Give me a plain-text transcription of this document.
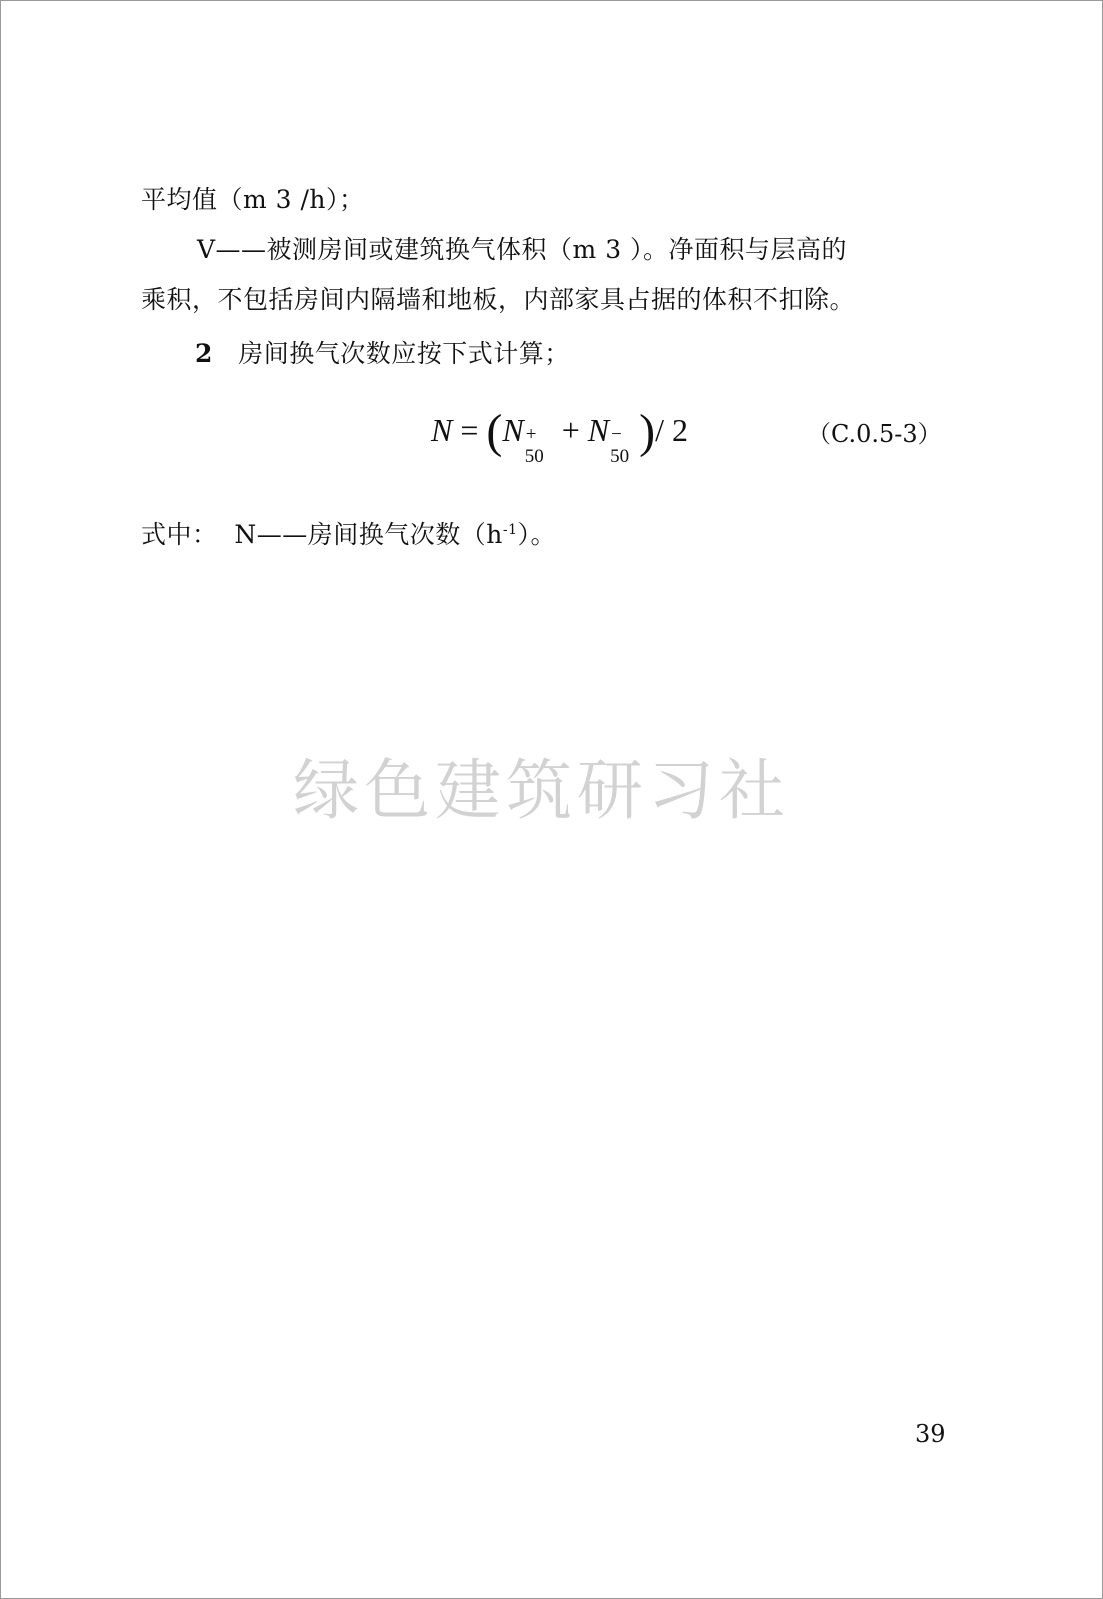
平均值（m 3 /h）；
V——被测房间或建筑换气体积（m 3 ）。净面积与层高的
乘积，不包括房间内隔墙和地板，内部家具占据的体积不扣除。
2 房间换气次数应按下式计算；
N = (N +
50
+ N −
50 )/ 2	（C.0.5-3）
式中： N——房间换气次数$(h^{-1})$。
绿色建筑研习社
39
